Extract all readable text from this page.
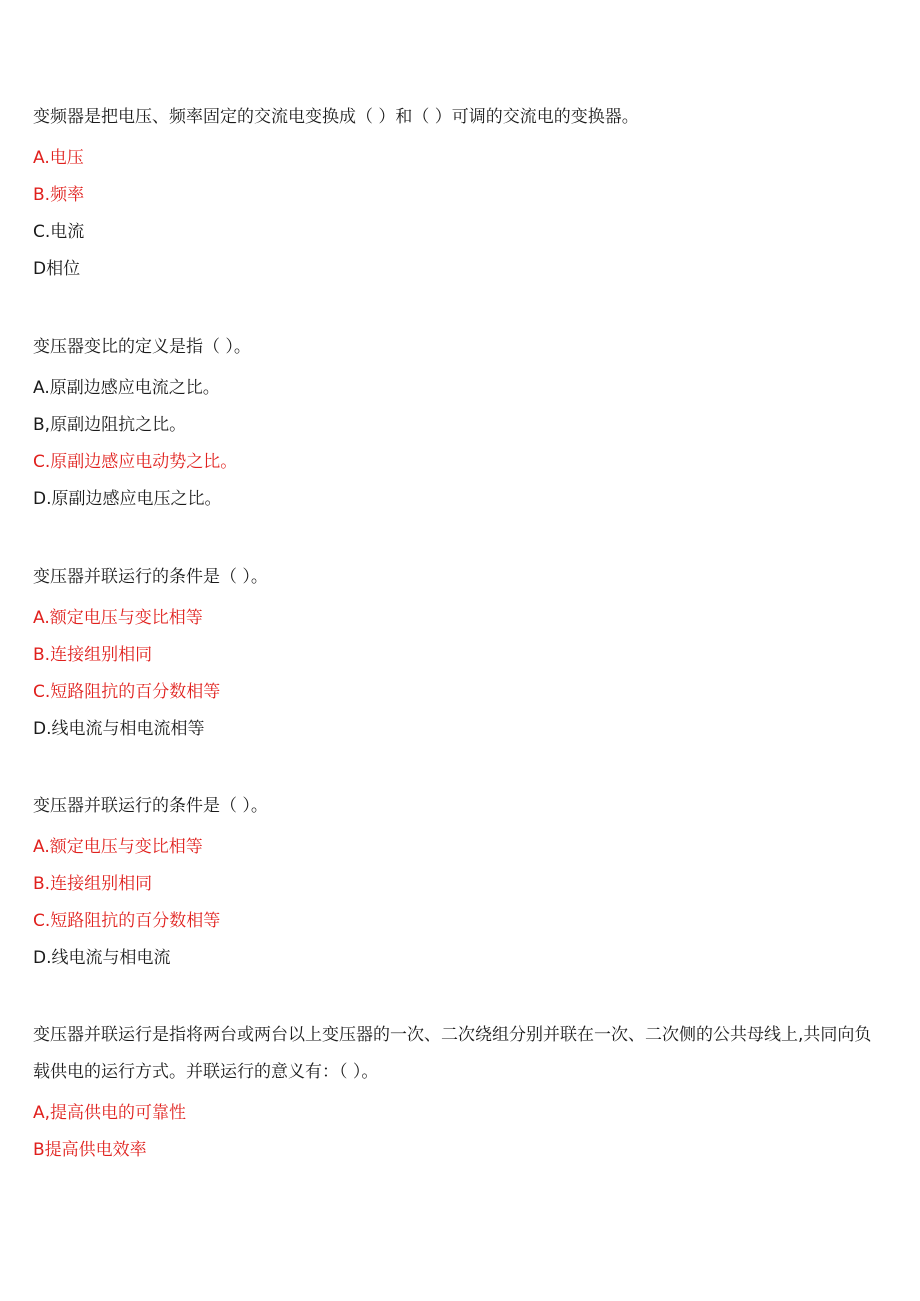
变频器是把电压、频率固定的交流电变换成（ ）和（ ）可调的交流电的变换器。

A.电压

B.频率

C.电流

D相位

变压器变比的定义是指（ ）。

A.原副边感应电流之比。

B,原副边阻抗之比。

C.原副边感应电动势之比。

D.原副边感应电压之比。

变压器并联运行的条件是（ ）。

A.额定电压与变比相等

B.连接组别相同

C.短路阻抗的百分数相等

D.线电流与相电流相等

变压器并联运行的条件是（ ）。

A.额定电压与变比相等

B.连接组别相同

C.短路阻抗的百分数相等

D.线电流与相电流

变压器并联运行是指将两台或两台以上变压器的一次、二次绕组分别并联在一次、二次侧的公共母线上,共同向负载供电的运行方式。并联运行的意义有：（ ）。

A,提高供电的可靠性

B提高供电效率
